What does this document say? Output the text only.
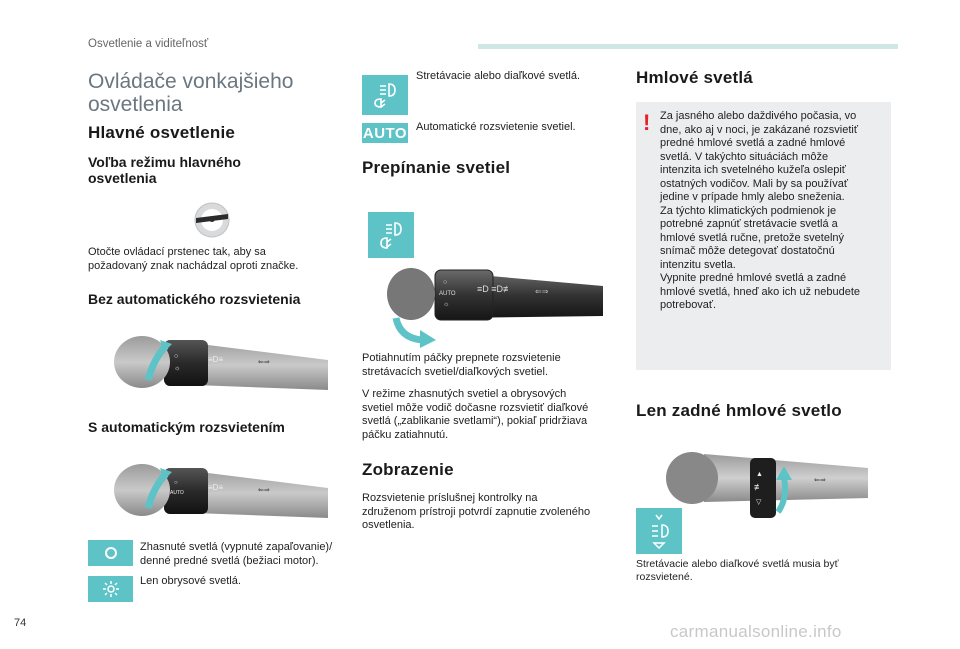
Osvetlenie a viditeľnosť
74	carmanualsonline.info
Ovládače vonkajšieho
osvetlenia
Hlavné osvetlenie
Voľba režimu hlavného
osvetlenia
Otočte ovládací prstenec tak, aby sa
požadovaný znak nachádzal oproti značke.
Bez automatického rozsvietenia
○
☼
≡D≡	⇐⇒
S automatickým rozsvietením
○
AUTO
≡D≡	⇐⇒
Zhasnuté svetlá (vypnuté zapaľovanie)/
denné predné svetlá (bežiaci motor).
Len obrysové svetlá.
Stretávacie alebo diaľkové svetlá.
AUTO Automatické rozsvietenie svetiel.
Prepínanie svetiel
○
AUTO
☼
≡D ≡D≢	⇐⇒
Potiahnutím páčky prepnete rozsvietenie
stretávacích svetiel/diaľkových svetiel.
V režime zhasnutých svetiel a obrysových
svetiel môže vodič dočasne rozsvietiť diaľkové
svetlá („zablikanie svetlami“), pokiaľ pridržiava
páčku zatiahnutú.
Zobrazenie
Rozsvietenie príslušnej kontrolky na
združenom prístroji potvrdí zapnutie zvoleného
osvetlenia.
Hmlové svetlá
! Za jasného alebo daždivého počasia, vo
dne, ako aj v noci, je zakázané rozsvietiť
predné hmlové svetlá a zadné hmlové
svetlá. V takýchto situáciách môže
intenzita ich svetelného kužeľa oslepiť
ostatných vodičov. Mali by sa používať
jedine v prípade hmly alebo sneženia.
Za týchto klimatických podmienok je
potrebné zapnúť stretávacie svetlá a
hmlové svetlá ručne, pretože svetelný
snímač môže detegovať dostatočnú
intenzitu svetla.
Vypnite predné hmlové svetlá a zadné
hmlové svetlá, hneď ako ich už nebudete
potrebovať.
Len zadné hmlové svetlo
▲
≢
▽
⇐⇒
Stretávacie alebo diaľkové svetlá musia byť
rozsvietené.
